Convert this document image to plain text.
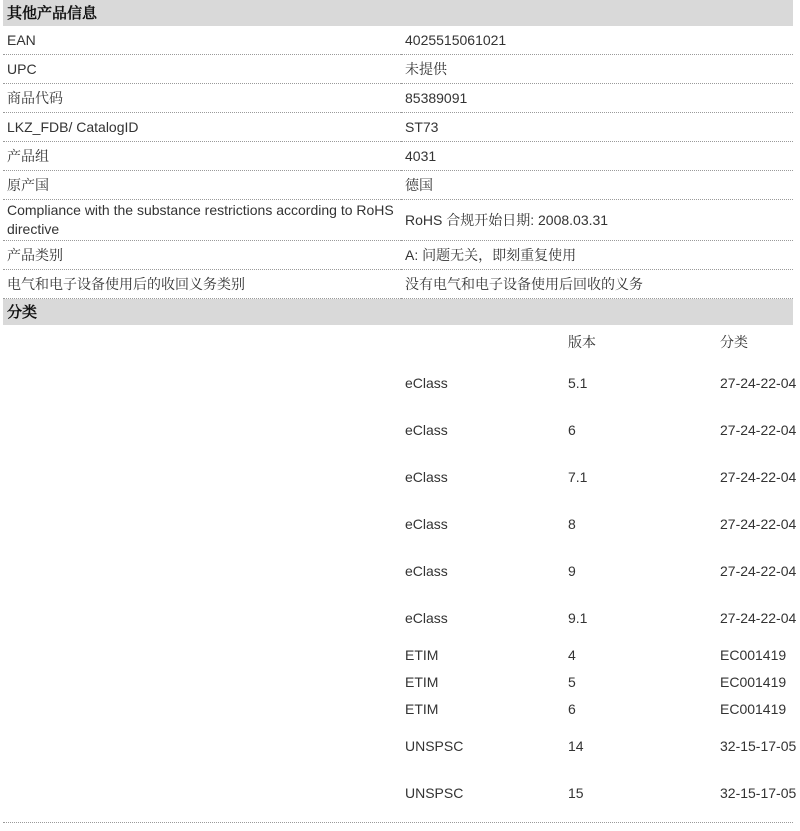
其他产品信息
EAN	4025515061021
UPC	未提供
商品代码	85389091
LKZ_FDB/ CatalogID	ST73
产品组	4031
原产国	德国
Compliance with the substance restrictions according to RoHS directive	RoHS 合规开始日期: 2008.03.31
产品类别	A: 问题无关，即刻重复使用
电气和电子设备使用后的收回义务类别	没有电气和电子设备使用后回收的义务
分类
	版本	分类
eClass	5.1	27-24-22-04
eClass	6	27-24-22-04
eClass	7.1	27-24-22-04
eClass	8	27-24-22-04
eClass	9	27-24-22-04
eClass	9.1	27-24-22-04
ETIM	4	EC001419
ETIM	5	EC001419
ETIM	6	EC001419
UNSPSC	14	32-15-17-05
UNSPSC	15	32-15-17-05
